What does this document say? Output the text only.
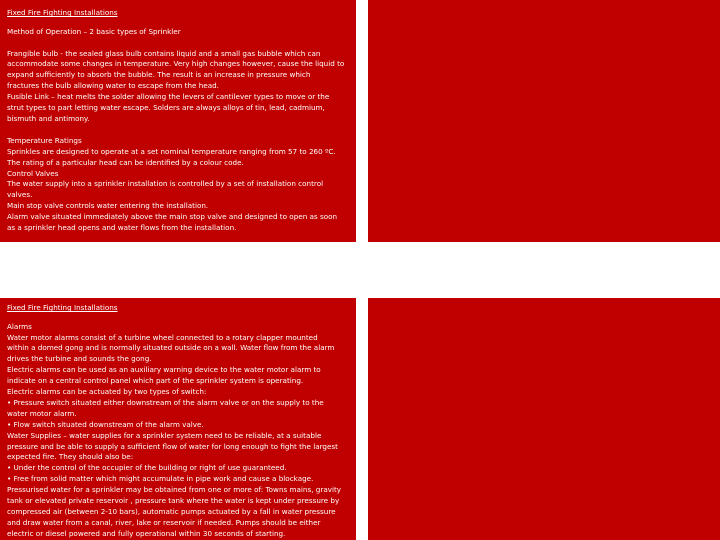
Fixed Fire Fighting Installations
Method of Operation – 2 basic types of Sprinkler
Frangible bulb - the sealed glass bulb contains liquid and a small gas bubble which can
accommodate some changes in temperature. Very high changes however, cause the liquid to
expand sufficiently to absorb the bubble. The result is an increase in pressure which
fractures the bulb allowing water to escape from the head.
Fusible Link – heat melts the solder allowing the levers of cantilever types to move or the
strut types to part letting water escape. Solders are always alloys of tin, lead, cadmium,
bismuth and antimony.
Temperature Ratings
Sprinkles are designed to operate at a set nominal temperature ranging from 57 to 260 ºC.
The rating of a particular head can be identified by a colour code.
Control Valves
The water supply into a sprinkler installation is controlled by a set of installation control
valves.
Main stop valve controls water entering the installation.
Alarm valve situated immediately above the main stop valve and designed to open as soon
as a sprinkler head opens and water flows from the installation.
Fixed Fire Fighting Installations
Alarms
Water motor alarms consist of a turbine wheel connected to a rotary clapper mounted
within a domed gong and is normally situated outside on a wall. Water flow from the alarm
drives the turbine and sounds the gong.
Electric alarms can be used as an auxiliary warning device to the water motor alarm to
indicate on a central control panel which part of the sprinkler system is operating.
Electric alarms can be actuated by two types of switch:
• Pressure switch situated either downstream of the alarm valve or on the supply to the
water motor alarm.
• Flow switch situated downstream of the alarm valve.
Water Supplies – water supplies for a sprinkler system need to be reliable, at a suitable
pressure and be able to supply a sufficient flow of water for long enough to fight the largest
expected fire. They should also be:
• Under the control of the occupier of the building or right of use guaranteed.
• Free from solid matter which might accumulate in pipe work and cause a blockage.
Pressurised water for a sprinkler may be obtained from one or more of: Towns mains, gravity
tank or elevated private reservoir , pressure tank where the water is kept under pressure by
compressed air (between 2-10 bars), automatic pumps actuated by a fall in water pressure
and draw water from a canal, river, lake or reservoir if needed. Pumps should be either
electric or diesel powered and fully operational within 30 seconds of starting.
